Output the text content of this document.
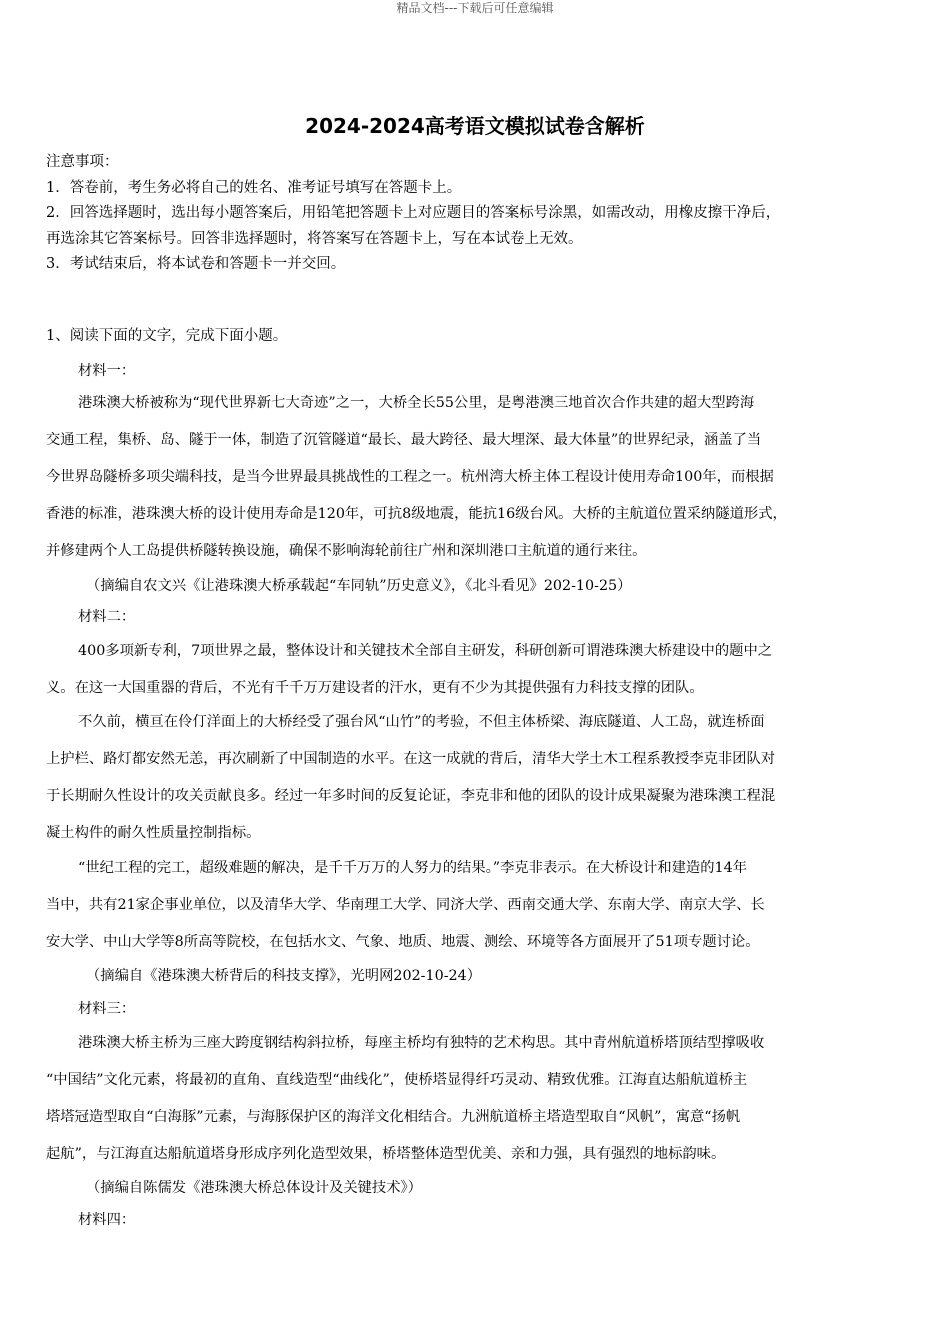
精品文档---下载后可任意编辑
2024-2024高考语文模拟试卷含解析
注意事项：
1．答卷前，考生务必将自己的姓名、准考证号填写在答题卡上。
2．回答选择题时，选出每小题答案后，用铅笔把答题卡上对应题目的答案标号涂黑，如需改动，用橡皮擦干净后，
再选涂其它答案标号。回答非选择题时，将答案写在答题卡上，写在本试卷上无效。
3．考试结束后，将本试卷和答题卡一并交回。
1、阅读下面的文字，完成下面小题。
材料一：
港珠澳大桥被称为“现代世界新七大奇迹”之一，大桥全长55公里，是粤港澳三地首次合作共建的超大型跨海
交通工程，集桥、岛、隧于一体，制造了沉管隧道“最长、最大跨径、最大埋深、最大体量”的世界纪录，涵盖了当
今世界岛隧桥多项尖端科技，是当今世界最具挑战性的工程之一。杭州湾大桥主体工程设计使用寿命100年，而根据
香港的标准，港珠澳大桥的设计使用寿命是120年，可抗8级地震，能抗16级台风。大桥的主航道位置采纳隧道形式，
并修建两个人工岛提供桥隧转换设施，确保不影响海轮前往广州和深圳港口主航道的通行来往。
（摘编自农文兴《让港珠澳大桥承载起“车同轨”历史意义》，《北斗看见》202-10-25）
材料二：
400多项新专利，7项世界之最，整体设计和关键技术全部自主研发，科研创新可谓港珠澳大桥建设中的题中之
义。在这一大国重器的背后，不光有千千万万建设者的汗水，更有不少为其提供强有力科技支撑的团队。
不久前，横亘在伶仃洋面上的大桥经受了强台风“山竹”的考验，不但主体桥梁、海底隧道、人工岛，就连桥面
上护栏、路灯都安然无恙，再次刷新了中国制造的水平。在这一成就的背后，清华大学土木工程系教授李克非团队对
于长期耐久性设计的攻关贡献良多。经过一年多时间的反复论证，李克非和他的团队的设计成果凝聚为港珠澳工程混
凝土构件的耐久性质量控制指标。
“世纪工程的完工，超级难题的解决，是千千万万的人努力的结果。”李克非表示。在大桥设计和建造的14年
当中，共有21家企事业单位，以及清华大学、华南理工大学、同济大学、西南交通大学、东南大学、南京大学、长
安大学、中山大学等8所高等院校，在包括水文、气象、地质、地震、测绘、环境等各方面展开了51项专题讨论。
（摘编自《港珠澳大桥背后的科技支撑》，光明网202-10-24）
材料三：
港珠澳大桥主桥为三座大跨度钢结构斜拉桥，每座主桥均有独特的艺术构思。其中青州航道桥塔顶结型撑吸收
“中国结”文化元素，将最初的直角、直线造型“曲线化”，使桥塔显得纤巧灵动、精致优雅。江海直达船航道桥主
塔塔冠造型取自“白海豚”元素，与海豚保护区的海洋文化相结合。九洲航道桥主塔造型取自“风帆”，寓意“扬帆
起航”，与江海直达船航道塔身形成序列化造型效果，桥塔整体造型优美、亲和力强，具有强烈的地标韵味。
（摘编自陈儒发《港珠澳大桥总体设计及关键技术》）
材料四：
